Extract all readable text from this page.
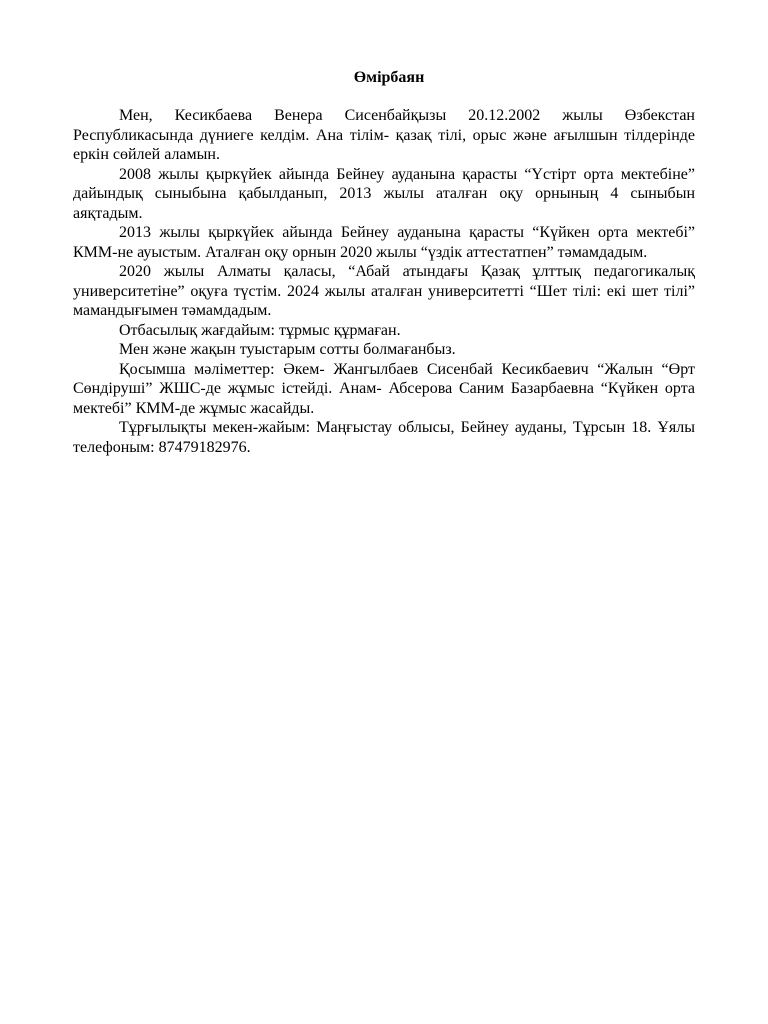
Өмірбаян

Мен, Кесикбаева Венера Сисенбайқызы 20.12.2002 жылы Өзбекстан Республикасында дүниеге келдім. Ана тілім- қазақ тілі, орыс және ағылшын тілдерінде еркін сөйлей аламын.

2008 жылы қыркүйек айында Бейнеу ауданына қарасты “Үстірт орта мектебіне” дайындық сыныбына қабылданып, 2013 жылы аталған оқу орнының 4 сыныбын аяқтадым.

2013 жылы қыркүйек айында Бейнеу ауданына қарасты “Күйкен орта мектебі” КММ-не ауыстым. Аталған оқу орнын 2020 жылы “үздік аттестатпен” тәмамдадым.

2020 жылы Алматы қаласы, “Абай атындағы Қазақ ұлттық педагогикалық университетіне” оқуға түстім. 2024 жылы аталған университетті “Шет тілі: екі шет тілі” мамандығымен тәмамдадым.

Отбасылық жағдайым: тұрмыс құрмаған.

Мен және жақын туыстарым сотты болмағанбыз.

Қосымша мәліметтер: Әкем- Жангылбаев Сисенбай Кесикбаевич “Жалын “Өрт Сөндіруші” ЖШС-де жұмыс істейді. Анам- Абсерова Саним Базарбаевна “Күйкен орта мектебі” КММ-де жұмыс жасайды.

Тұрғылықты мекен-жайым: Маңғыстау облысы, Бейнеу ауданы, Тұрсын 18. Ұялы телефоным: 87479182976.
